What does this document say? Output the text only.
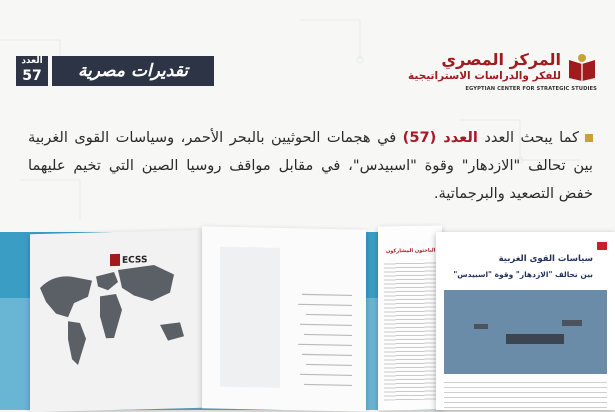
المركز المصري
للفكر والدراسات الاستراتيجية
EGYPTIAN CENTER FOR STRATEGIC STUDIES
العدد
57	تقديرات مصرية
كما يبحث العدد العدد (57) في هجمات الحوثيين بالبحر الأحمر، وسياسات القوى الغربية بين تحالف "الازدهار" وقوة "اسبيدس"، في مقابل مواقف روسيا الصين التي تخيم عليهما خفض التصعيد والبرجماتية.
ECSS
الباحثون المشاركون
سياسات القوى الغربية
بين تحالف "الازدهار" وقوة "اسبيدس"
